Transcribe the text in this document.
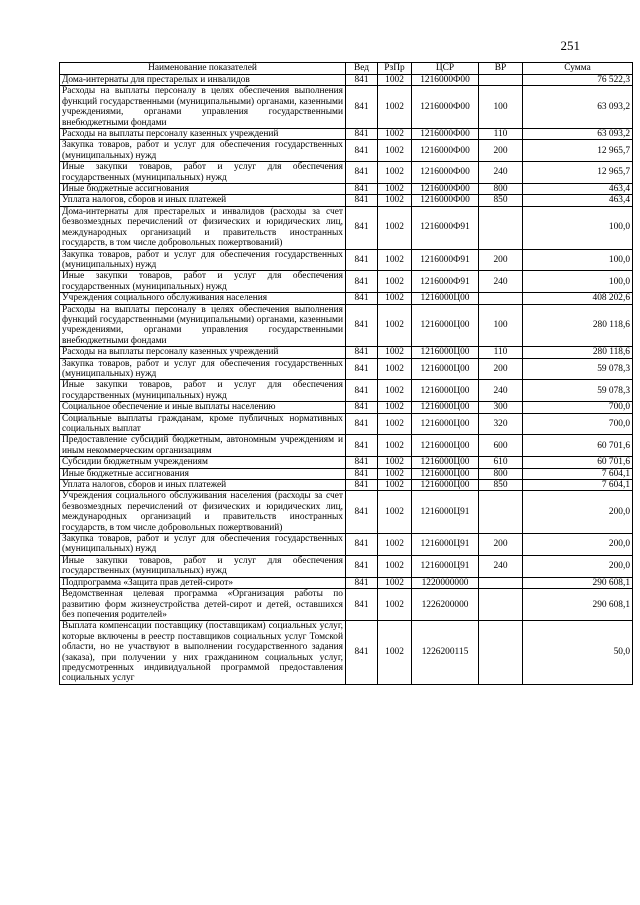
251
Наименование показателей	Вед	РзПр	ЦСР	ВР	Сумма
Дома-интернаты для престарелых и инвалидов	841	1002	1216000Ф00		76 522,3
Расходы на выплаты персоналу в целях обеспечения выполнения функций государственными (муниципальными) органами, казенными учреждениями, органами управления государственными внебюджетными фондами	841	1002	1216000Ф00	100	63 093,2
Расходы на выплаты персоналу казенных учреждений	841	1002	1216000Ф00	110	63 093,2
Закупка товаров, работ и услуг для обеспечения государственных (муниципальных) нужд	841	1002	1216000Ф00	200	12 965,7
Иные закупки товаров, работ и услуг для обеспечения государственных (муниципальных) нужд	841	1002	1216000Ф00	240	12 965,7
Иные бюджетные ассигнования	841	1002	1216000Ф00	800	463,4
Уплата налогов, сборов и иных платежей	841	1002	1216000Ф00	850	463,4
Дома-интернаты для престарелых и инвалидов (расходы за счет безвозмездных перечислений от физических и юридических лиц, международных организаций и правительств иностранных государств, в том числе добровольных пожертвований)	841	1002	1216000Ф91		100,0
Закупка товаров, работ и услуг для обеспечения государственных (муниципальных) нужд	841	1002	1216000Ф91	200	100,0
Иные закупки товаров, работ и услуг для обеспечения государственных (муниципальных) нужд	841	1002	1216000Ф91	240	100,0
Учреждения социального обслуживания населения	841	1002	1216000Ц00		408 202,6
Расходы на выплаты персоналу в целях обеспечения выполнения функций государственными (муниципальными) органами, казенными учреждениями, органами управления государственными внебюджетными фондами	841	1002	1216000Ц00	100	280 118,6
Расходы на выплаты персоналу казенных учреждений	841	1002	1216000Ц00	110	280 118,6
Закупка товаров, работ и услуг для обеспечения государственных (муниципальных) нужд	841	1002	1216000Ц00	200	59 078,3
Иные закупки товаров, работ и услуг для обеспечения государственных (муниципальных) нужд	841	1002	1216000Ц00	240	59 078,3
Социальное обеспечение и иные выплаты населению	841	1002	1216000Ц00	300	700,0
Социальные выплаты гражданам, кроме публичных нормативных социальных выплат	841	1002	1216000Ц00	320	700,0
Предоставление субсидий бюджетным, автономным учреждениям и иным некоммерческим организациям	841	1002	1216000Ц00	600	60 701,6
Субсидии бюджетным учреждениям	841	1002	1216000Ц00	610	60 701,6
Иные бюджетные ассигнования	841	1002	1216000Ц00	800	7 604,1
Уплата налогов, сборов и иных платежей	841	1002	1216000Ц00	850	7 604,1
Учреждения социального обслуживания населения (расходы за счет безвозмездных перечислений от физических и юридических лиц, международных организаций и правительств иностранных государств, в том числе добровольных пожертвований)	841	1002	1216000Ц91		200,0
Закупка товаров, работ и услуг для обеспечения государственных (муниципальных) нужд	841	1002	1216000Ц91	200	200,0
Иные закупки товаров, работ и услуг для обеспечения государственных (муниципальных) нужд	841	1002	1216000Ц91	240	200,0
Подпрограмма «Защита прав детей-сирот»	841	1002	1220000000		290 608,1
Ведомственная целевая программа «Организация работы по развитию форм жизнеустройства детей-сирот и детей, оставшихся без попечения родителей»	841	1002	1226200000		290 608,1
Выплата компенсации поставщику (поставщикам) социальных услуг, которые включены в реестр поставщиков социальных услуг Томской области, но не участвуют в выполнении государственного задания (заказа), при получении у них гражданином социальных услуг, предусмотренных индивидуальной программой предоставления социальных услуг	841	1002	1226200115		50,0
